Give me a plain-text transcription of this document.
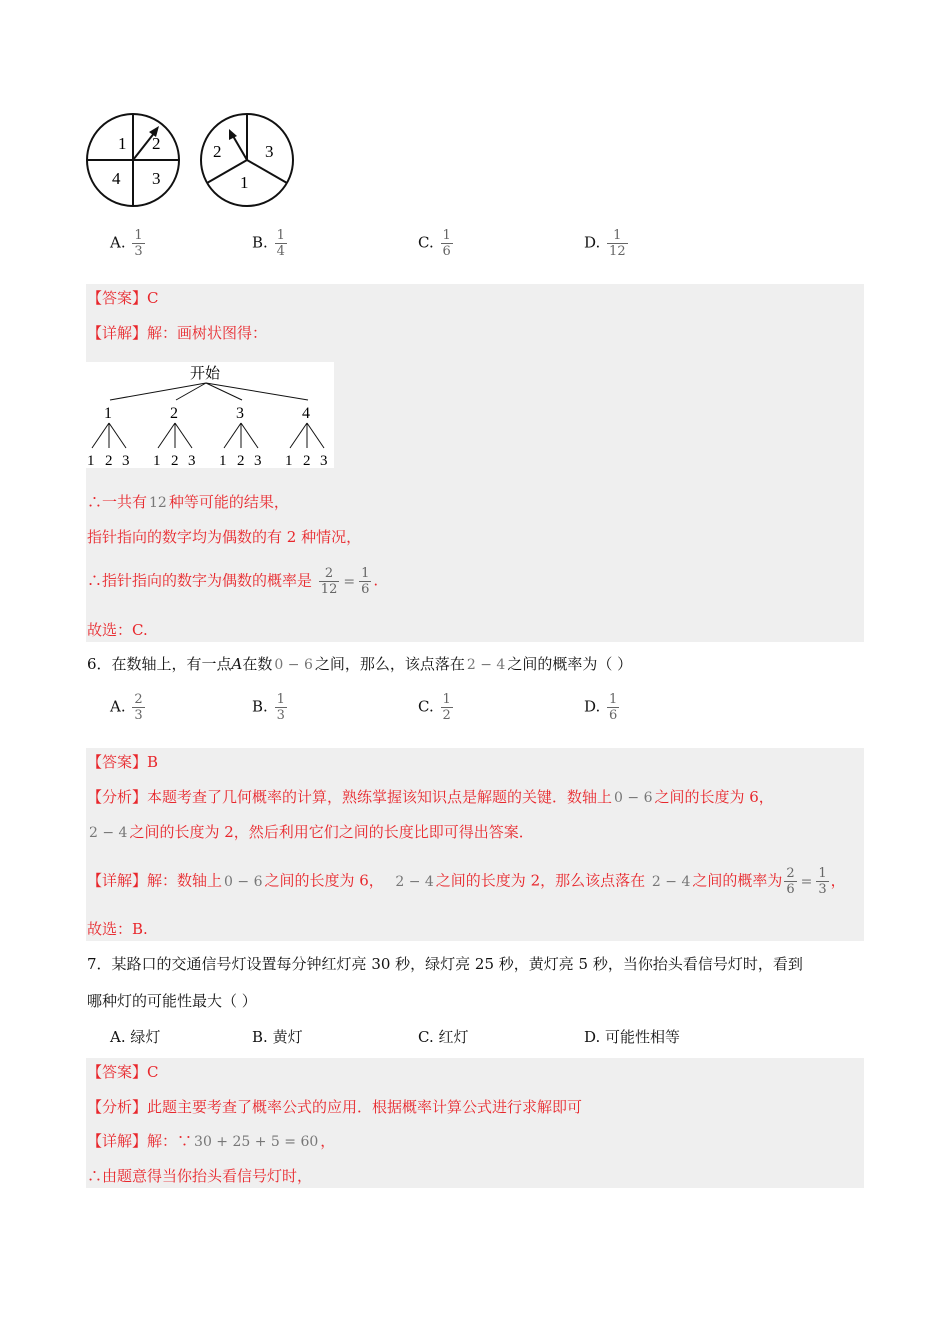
1 2
4 3
2	3
1
A. $\frac{1}{3}$	B. $\frac{1}{4}$	C. $\frac{1}{6}$	D. $\frac{1}{12}$
【答案】C
【详解】解：画树状图得：
开始
1	2	3	4
1 2 3 1 2 3 1 2 3 1 2 3
∴一共有 12 种等可能的结果，
指针指向的数字均为偶数的有 2 种情况，
∴指针指向的数字为偶数的概率是 $\frac{2}{12} = \frac{1}{6}$ .
故选：C.
6．在数轴上，有一点A在数 0 − 6 之间，那么，该点落在 2 − 4 之间的概率为（ ）
A. $\frac{2}{3}$	B. $\frac{1}{3}$	C. $\frac{1}{2}$	D. $\frac{1}{6}$
【答案】B
【分析】本题考查了几何概率的计算，熟练掌握该知识点是解题的关键．数轴上 0 − 6 之间的长度为 6，
2 − 4 之间的长度为 2，然后利用它们之间的长度比即可得出答案．
【详解】解：数轴上 0 − 6 之间的长度为 6， 2 − 4 之间的长度为 2，那么该点落在 2 − 4 之间的概率为 $\frac{2}{6} = \frac{1}{3}$ ，
故选：B.
7．某路口的交通信号灯设置每分钟红灯亮 30 秒，绿灯亮 25 秒，黄灯亮 5 秒，当你抬头看信号灯时，看到
哪种灯的可能性最大（ ）
A. 绿灯	B. 黄灯	C. 红灯	D. 可能性相等
【答案】C
【分析】此题主要考查了概率公式的应用．根据概率计算公式进行求解即可
【详解】解：∵ 30 + 25 + 5 = 60 ，
∴由题意得当你抬头看信号灯时，
